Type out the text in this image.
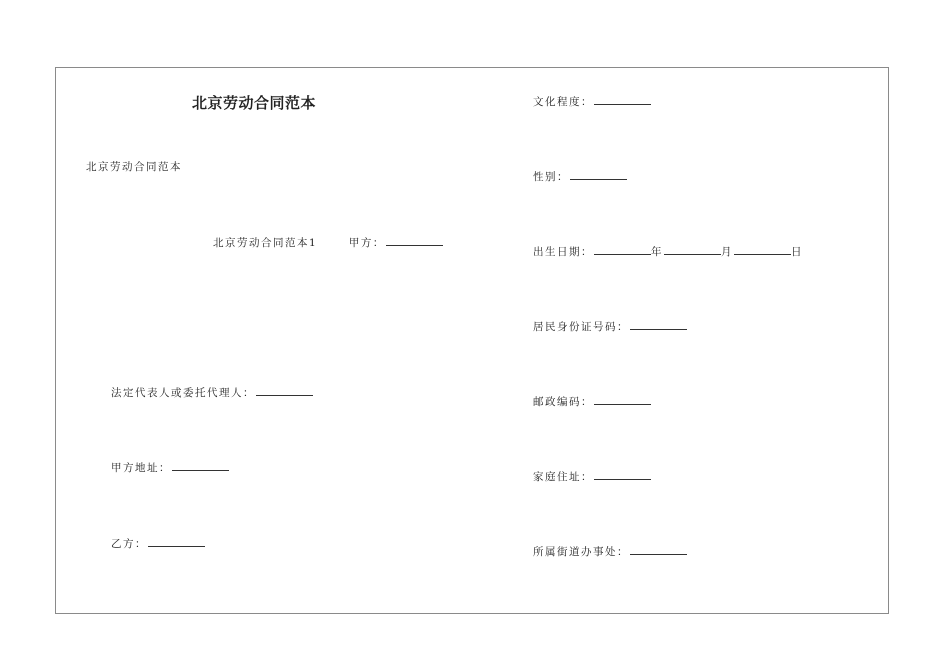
北京劳动合同范本
北京劳动合同范本
北京劳动合同范本1	甲方：
法定代表人或委托代理人：
甲方地址：
乙方：
文化程度：
性别：
出生日期：	年	月	日
居民身份证号码：
邮政编码：
家庭住址：
所属街道办事处：
